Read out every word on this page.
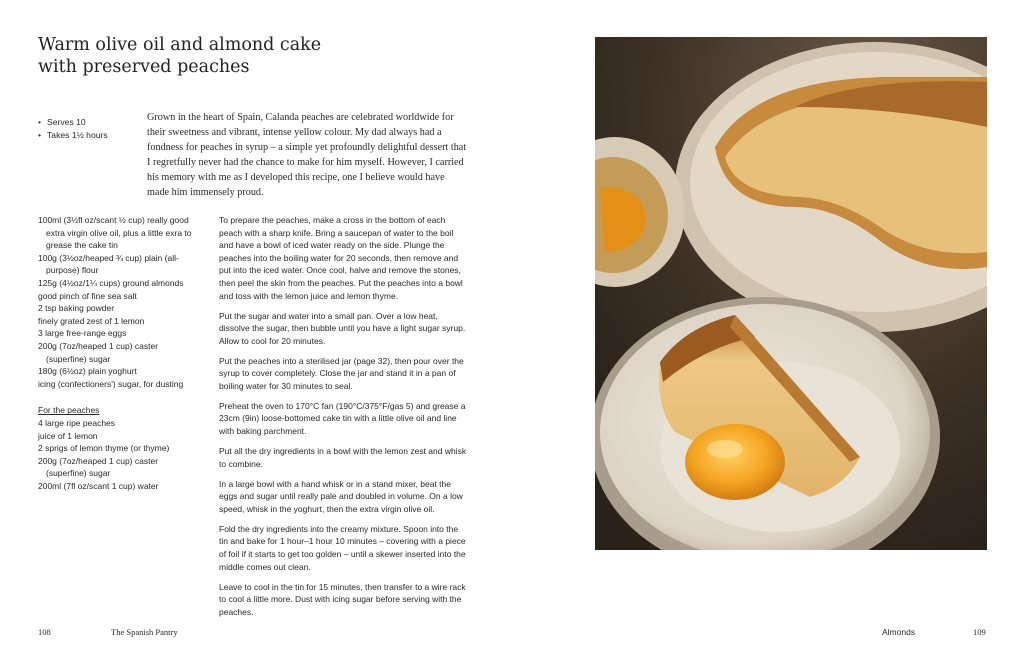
Warm olive oil and almond cake
with preserved peaches
• Serves 10
• Takes 1½ hours

Grown in the heart of Spain, Calanda peaches are celebrated worldwide for their sweetness and vibrant, intense yellow colour. My dad always had a fondness for peaches in syrup – a simple yet profoundly delightful dessert that I regretfully never had the chance to make for him myself. However, I carried his memory with me as I developed this recipe, one I believe would have made him immensely proud.

100ml (3½fl oz/scant ½ cup) really good extra virgin olive oil, plus a little exra to grease the cake tin

100g (3½oz/heaped ¾ cup) plain (all-purpose) flour

125g (4½oz/1¼ cups) ground almonds

good pinch of fine sea salt

2 tsp baking powder

finely grated zest of 1 lemon

3 large free-range eggs

200g (7oz/heaped 1 cup) caster (superfine) sugar

180g (6½oz) plain yoghurt

icing (confectioners') sugar, for dusting

For the peaches

4 large ripe peaches

juice of 1 lemon

2 sprigs of lemon thyme (or thyme)

200g (7oz/heaped 1 cup) caster (superfine) sugar

200ml (7fl oz/scant 1 cup) water

To prepare the peaches, make a cross in the bottom of each peach with a sharp knife. Bring a saucepan of water to the boil and have a bowl of iced water ready on the side. Plunge the peaches into the boiling water for 20 seconds, then remove and put into the iced water. Once cool, halve and remove the stones, then peel the skin from the peaches. Put the peaches into a bowl and toss with the lemon juice and lemon thyme.

Put the sugar and water into a small pan. Over a low heat, dissolve the sugar, then bubble until you have a light sugar syrup. Allow to cool for 20 minutes.

Put the peaches into a sterilised jar (page 32), then pour over the syrup to cover completely. Close the jar and stand it in a pan of boiling water for 30 minutes to seal.

Preheat the oven to 170°C fan (190°C/375°F/gas 5) and grease a 23cm (9in) loose-bottomed cake tin with a little olive oil and line with baking parchment.

Put all the dry ingredients in a bowl with the lemon zest and whisk to combine.

In a large bowl with a hand whisk or in a stand mixer, beat the eggs and sugar until really pale and doubled in volume. On a low speed, whisk in the yoghurt, then the extra virgin olive oil.

Fold the dry ingredients into the creamy mixture. Spoon into the tin and bake for 1 hour–1 hour 10 minutes – covering with a piece of foil if it starts to get too golden – until a skewer inserted into the middle comes out clean.

Leave to cool in the tin for 15 minutes, then transfer to a wire rack to cool a little more. Dust with icing sugar before serving with the peaches.

108	The Spanish Pantry	Almonds	109
